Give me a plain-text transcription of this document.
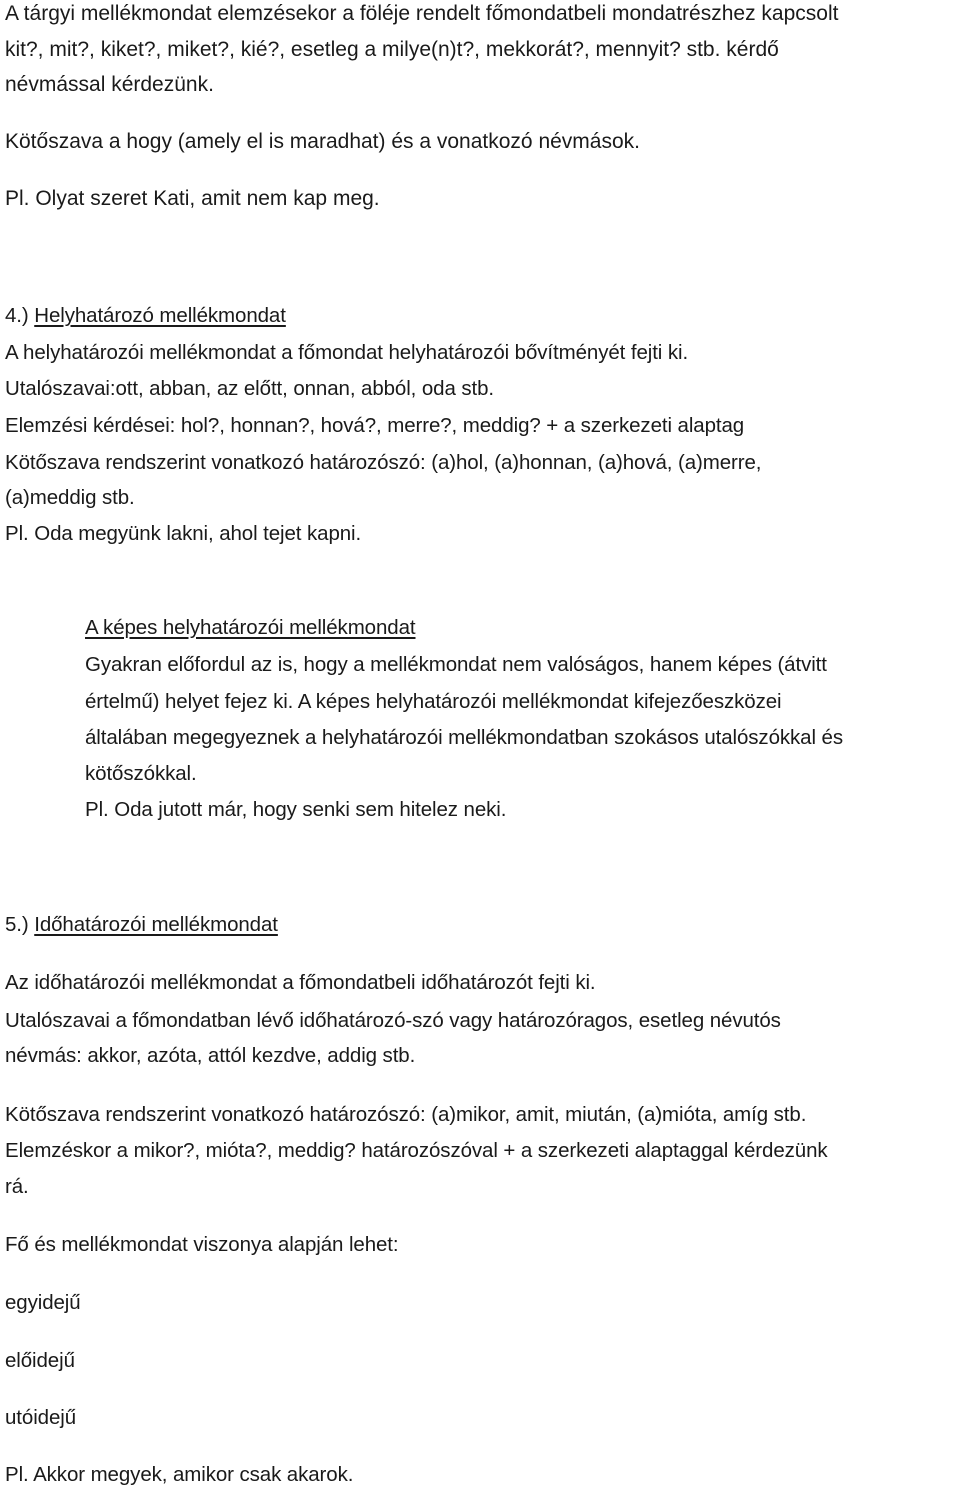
A tárgyi mellékmondat elemzésekor a föléje rendelt főmondatbeli mondatrészhez kapcsolt
kit?, mit?, kiket?, miket?, kié?, esetleg a milye(n)t?, mekkorát?, mennyit? stb. kérdő
névmással kérdezünk.
Kötőszava a hogy (amely el is maradhat) és a vonatkozó névmások.
Pl. Olyat szeret Kati, amit nem kap meg.
4.) Helyhatározó mellékmondat
A helyhatározói mellékmondat a főmondat helyhatározói bővítményét fejti ki.
Utalószavai:ott, abban, az előtt, onnan, abból, oda stb.
Elemzési kérdései: hol?, honnan?, hová?, merre?, meddig? + a szerkezeti alaptag
Kötőszava rendszerint vonatkozó határozószó: (a)hol, (a)honnan, (a)hová, (a)merre,
(a)meddig stb.
Pl. Oda megyünk lakni, ahol tejet kapni.
A képes helyhatározói mellékmondat
Gyakran előfordul az is, hogy a mellékmondat nem valóságos, hanem képes (átvitt
értelmű) helyet fejez ki. A képes helyhatározói mellékmondat kifejezőeszközei
általában megegyeznek a helyhatározói mellékmondatban szokásos utalószókkal és
kötőszókkal.
Pl. Oda jutott már, hogy senki sem hitelez neki.
5.) Időhatározói mellékmondat
Az időhatározói mellékmondat a főmondatbeli időhatározót fejti ki.
Utalószavai a főmondatban lévő időhatározó-szó vagy határozóragos, esetleg névutós
névmás: akkor, azóta, attól kezdve, addig stb.
Kötőszava rendszerint vonatkozó határozószó: (a)mikor, amit, miután, (a)mióta, amíg stb.
Elemzéskor a mikor?, mióta?, meddig? határozószóval + a szerkezeti alaptaggal kérdezünk
rá.
Fő és mellékmondat viszonya alapján lehet:
egyidejű
előidejű
utóidejű
Pl. Akkor megyek, amikor csak akarok.
